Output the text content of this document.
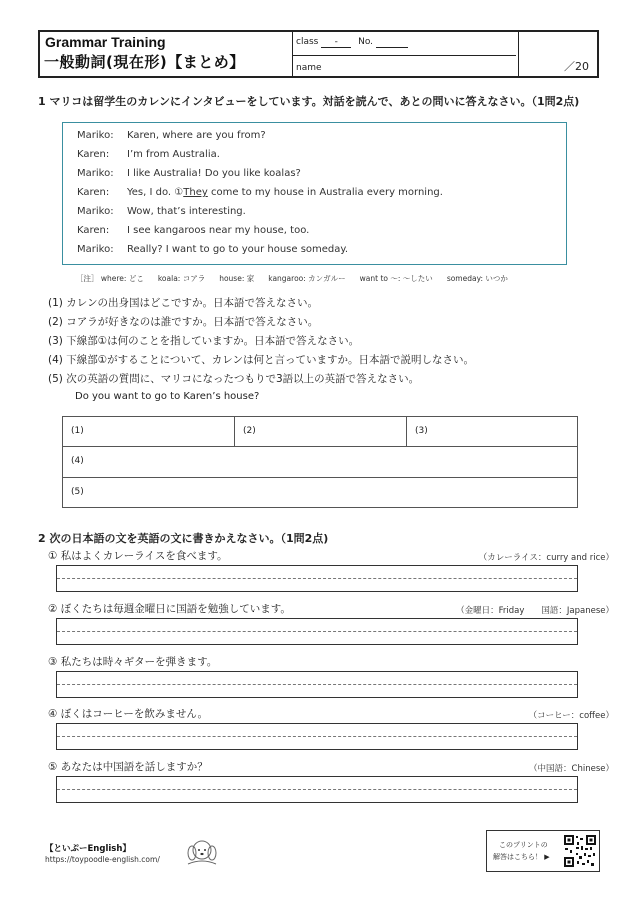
Grammar Training
一般動詞(現在形)【まとめ】
class - No.
name	／20
1 マリコは留学生のカレンにインタビューをしています。対話を読んで、あとの問いに答えなさい。（1問2点)
Mariko: Karen, where are you from?
Karen: I’m from Australia.
Mariko: I like Australia! Do you like koalas?
Karen: Yes, I do. ①They come to my house in Australia every morning.
Mariko: Wow, that’s interesting.
Karen: I see kangaroos near my house, too.
Mariko: Really? I want to go to your house someday.
［注］ where: どこ koala: コアラ house: 家 kangaroo: カンガルー want to ～: ～したい someday: いつか
(1) カレンの出身国はどこですか。日本語で答えなさい。
(2) コアラが好きなのは誰ですか。日本語で答えなさい。
(3) 下線部①は何のことを指していますか。日本語で答えなさい。
(4) 下線部①がすることについて、カレンは何と言っていますか。日本語で説明しなさい。
(5) 次の英語の質問に、マリコになったつもりで3語以上の英語で答えなさい。
Do you want to go to Karen’s house?
(1)	(2)	(3)
(4)
(5)
2 次の日本語の文を英語の文に書きかえなさい。（1問2点)
① 私はよくカレーライスを食べます。	（カレーライス：curry and rice）
② ぼくたちは毎週金曜日に国語を勉強しています。	（金曜日：Friday　　国語：Japanese）
③ 私たちは時々ギターを弾きます。
④ ぼくはコーヒーを飲みません。	（コーヒー：coffee）
⑤ あなたは中国語を話しますか？	（中国語：Chinese）
【といぷーEnglish】
https://toypoodle-english.com/
このプリントの
解答はこちら！ ▶
